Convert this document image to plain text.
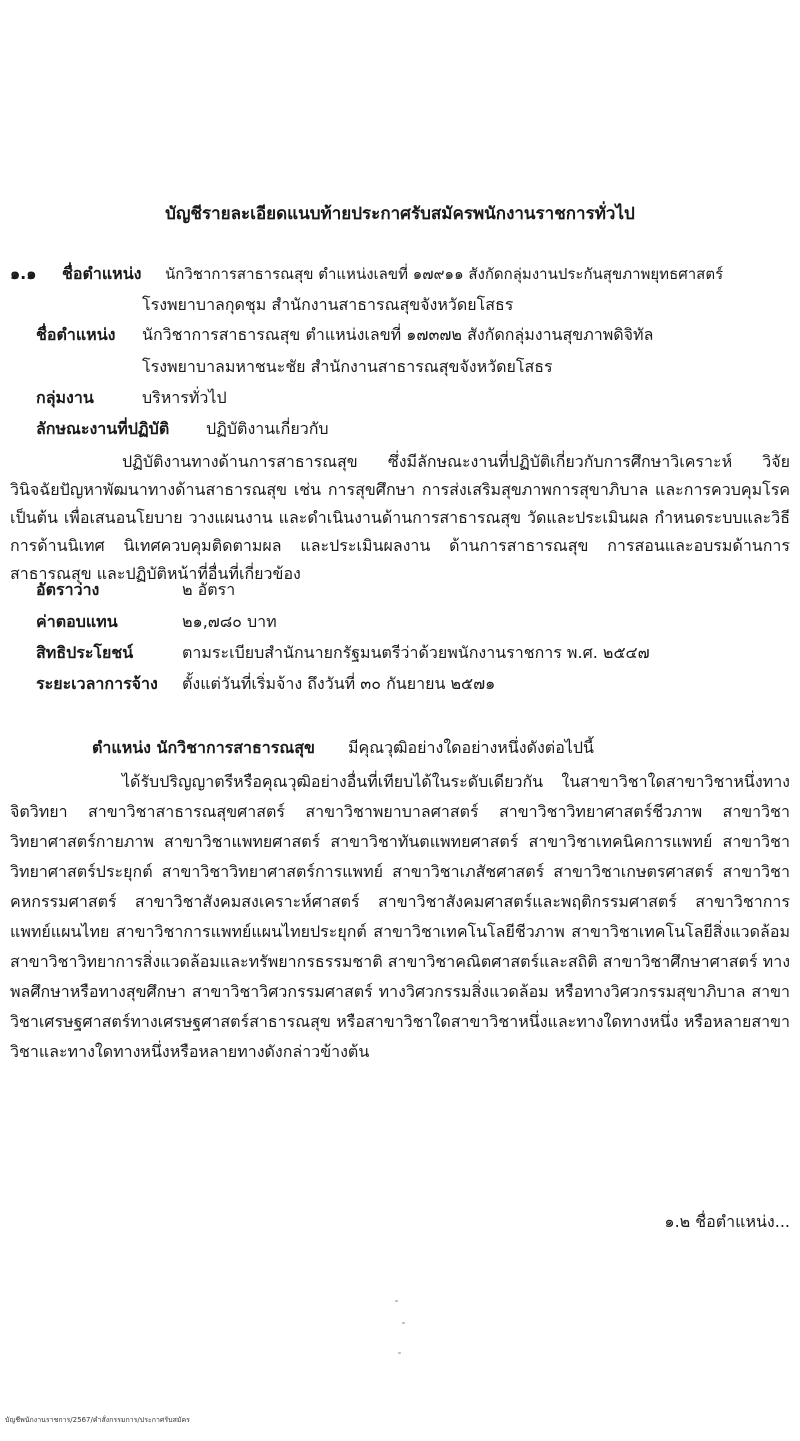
บัญชีรายละเอียดแนบท้ายประกาศรับสมัครพนักงานราชการทั่วไป
๑.๑ ชื่อตำแหน่ง นักวิชาการสาธารณสุข ตำแหน่งเลขที่ ๑๗๙๑๑ สังกัดกลุ่มงานประกันสุขภาพยุทธศาสตร์
โรงพยาบาลกุดชุม สำนักงานสาธารณสุขจังหวัดยโสธร
ชื่อตำแหน่ง นักวิชาการสาธารณสุข ตำแหน่งเลขที่ ๑๗๓๗๒ สังกัดกลุ่มงานสุขภาพดิจิทัล
โรงพยาบาลมหาชนะชัย สำนักงานสาธารณสุขจังหวัดยโสธร
กลุ่มงาน	บริหารทั่วไป
ลักษณะงานที่ปฏิบัติ ปฏิบัติงานเกี่ยวกับ
ปฏิบัติงานทางด้านการสาธารณสุข ซึ่งมีลักษณะงานที่ปฏิบัติเกี่ยวกับการศึกษาวิเคราะห์ วิจัย วินิจฉัยปัญหาพัฒนาทางด้านสาธารณสุข เช่น การสุขศึกษา การส่งเสริมสุขภาพการสุขาภิบาล และการควบคุมโรค เป็นต้น เพื่อเสนอนโยบาย วางแผนงาน และดำเนินงานด้านการสาธารณสุข วัดและประเมินผล กำหนดระบบและวิธีการด้านนิเทศ นิเทศควบคุมติดตามผล และประเมินผลงาน ด้านการสาธารณสุข การสอนและอบรมด้านการสาธารณสุข และปฏิบัติหน้าที่อื่นที่เกี่ยวข้อง
อัตราว่าง	๒ อัตรา
ค่าตอบแทน	๒๑,๗๘๐ บาท
สิทธิประโยชน์	ตามระเบียบสำนักนายกรัฐมนตรีว่าด้วยพนักงานราชการ พ.ศ. ๒๕๔๗
ระยะเวลาการจ้าง ตั้งแต่วันที่เริ่มจ้าง ถึงวันที่ ๓๐ กันยายน ๒๕๗๑
ตำแหน่ง นักวิชาการสาธารณสุข มีคุณวุฒิอย่างใดอย่างหนึ่งดังต่อไปนี้
ได้รับปริญญาตรีหรือคุณวุฒิอย่างอื่นที่เทียบได้ในระดับเดียวกัน ในสาขาวิชาใดสาขาวิชาหนึ่งทางจิตวิทยา สาขาวิชาสาธารณสุขศาสตร์ สาขาวิชาพยาบาลศาสตร์ สาขาวิชาวิทยาศาสตร์ชีวภาพ สาขาวิชาวิทยาศาสตร์กายภาพ สาขาวิชาแพทยศาสตร์ สาขาวิชาทันตแพทยศาสตร์ สาขาวิชาเทคนิคการแพทย์ สาขาวิชาวิทยาศาสตร์ประยุกต์ สาขาวิชาวิทยาศาสตร์การแพทย์ สาขาวิชาเภสัชศาสตร์ สาขาวิชาเกษตรศาสตร์ สาขาวิชาคหกรรมศาสตร์ สาขาวิชาสังคมสงเคราะห์ศาสตร์ สาขาวิชาสังคมศาสตร์และพฤติกรรมศาสตร์ สาขาวิชาการแพทย์แผนไทย สาขาวิชาการแพทย์แผนไทยประยุกต์ สาขาวิชาเทคโนโลยีชีวภาพ สาขาวิชาเทคโนโลยีสิ่งแวดล้อม สาขาวิชาวิทยาการสิ่งแวดล้อมและทรัพยากรธรรมชาติ สาขาวิชาคณิตศาสตร์และสถิติ สาขาวิชาศึกษาศาสตร์ ทางพลศึกษาหรือทางสุขศึกษา สาขาวิชาวิศวกรรมศาสตร์ ทางวิศวกรรมสิ่งแวดล้อม หรือทางวิศวกรรมสุขาภิบาล สาขาวิชาเศรษฐศาสตร์ทางเศรษฐศาสตร์สาธารณสุข หรือสาขาวิชาใดสาขาวิชาหนึ่งและทางใดทางหนึ่ง หรือหลายสาขาวิชาและทางใดทางหนึ่งหรือหลายทางดังกล่าวข้างต้น
๑.๒ ชื่อตำแหน่ง...
บัญชีพนักงานราชการ/2567/คำสั่งกรรมการ/ประกาศรับสมัคร
